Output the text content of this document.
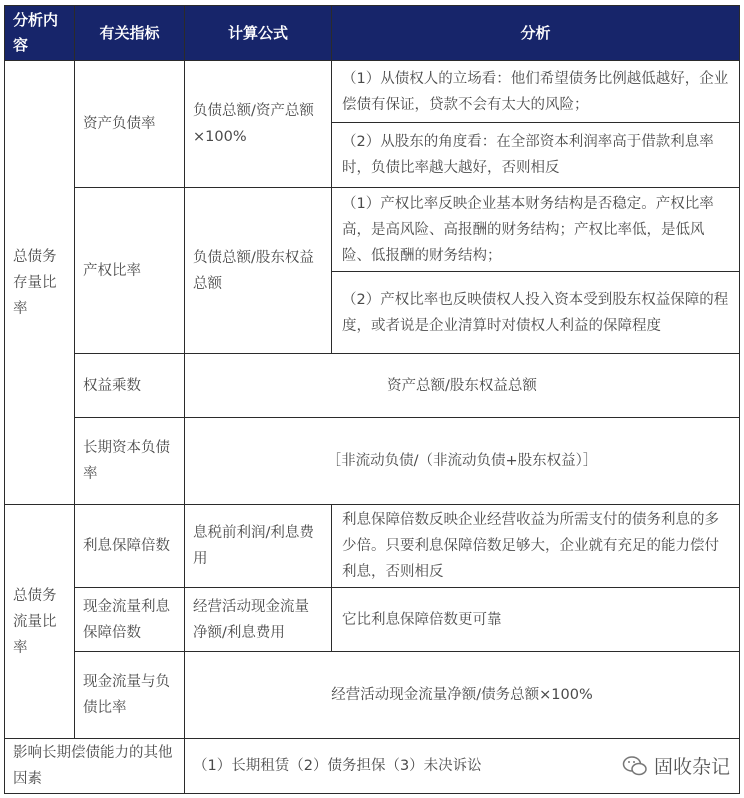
分析内容	有关指标	计算公式	分析
总债务存量比率	资产负债率	负债总额/资产总额×100%	（1）从债权人的立场看：他们希望债务比例越低越好，企业偿债有保证，贷款不会有太大的风险；
			（2）从股东的角度看：在全部资本利润率高于借款利息率时，负债比率越大越好，否则相反
	产权比率	负债总额/股东权益总额	（1）产权比率反映企业基本财务结构是否稳定。产权比率高，是高风险、高报酬的财务结构；产权比率低，是低风险、低报酬的财务结构；
			（2）产权比率也反映债权人投入资本受到股东权益保障的程度，或者说是企业清算时对债权人利益的保障程度
	权益乘数	资产总额/股东权益总额	
	长期资本负债率	［非流动负债/（非流动负债+股东权益）］	
总债务流量比率	利息保障倍数	息税前利润/利息费用	利息保障倍数反映企业经营收益为所需支付的债务利息的多少倍。只要利息保障倍数足够大，企业就有充足的能力偿付利息，否则相反
	现金流量利息保障倍数	经营活动现金流量净额/利息费用	它比利息保障倍数更可靠
	现金流量与负债比率	经营活动现金流量净额/债务总额×100%	
影响长期偿债能力的其他因素		（1）长期租赁（2）债务担保（3）未决诉讼		固收杂记
